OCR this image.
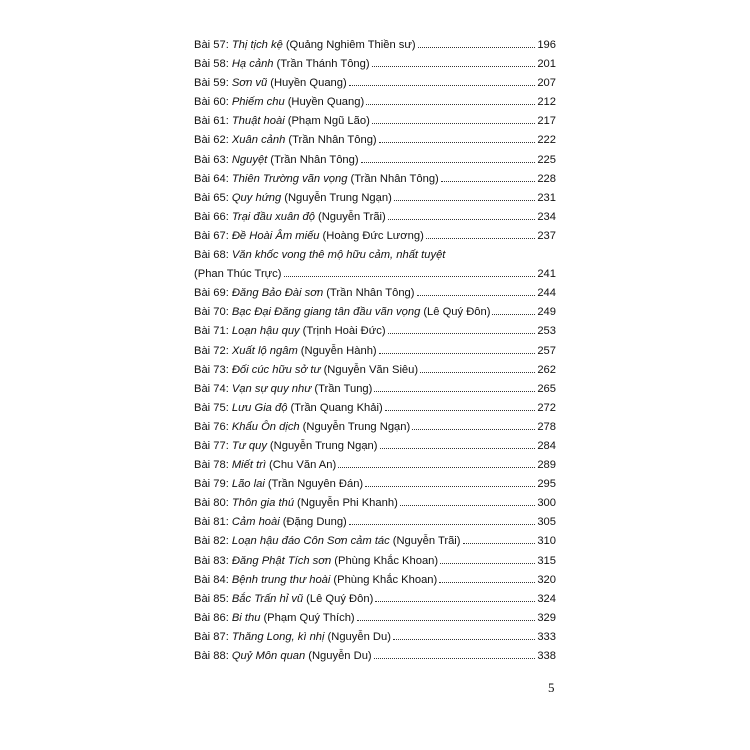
Bài 57: Thị tịch kệ (Quảng Nghiêm Thiền sư)	196
Bài 58: Hạ cảnh (Trần Thánh Tông)	201
Bài 59: Sơn vũ (Huyền Quang)	207
Bài 60: Phiếm chu (Huyền Quang)	212
Bài 61: Thuật hoài (Phạm Ngũ Lão)	217
Bài 62: Xuân cảnh (Trần Nhân Tông)	222
Bài 63: Nguyệt (Trần Nhân Tông)	225
Bài 64: Thiên Trường vãn vọng (Trần Nhân Tông)	228
Bài 65: Quy hứng (Nguyễn Trung Ngạn)	231
Bài 66: Trại đầu xuân độ (Nguyễn Trãi)	234
Bài 67: Đề Hoài Âm miếu (Hoàng Đức Lương)	237
Bài 68: Văn khốc vong thê mộ hữu cảm, nhất tuyệt
(Phan Thúc Trực)	241
Bài 69: Đăng Bảo Đài sơn (Trần Nhân Tông)	244
Bài 70: Bạc Đại Đăng giang tân đầu vãn vọng (Lê Quý Đôn)	249
Bài 71: Loạn hậu quy (Trịnh Hoài Đức)	253
Bài 72: Xuất lộ ngâm (Nguyễn Hành)	257
Bài 73: Đối cúc hữu sở tư (Nguyễn Văn Siêu)	262
Bài 74: Vạn sự quy như (Trần Tung)	265
Bài 75: Lưu Gia độ (Trần Quang Khải)	272
Bài 76: Khẩu Ôn dịch (Nguyễn Trung Ngạn)	278
Bài 77: Tư quy (Nguyễn Trung Ngạn)	284
Bài 78: Miết trì (Chu Văn An)	289
Bài 79: Lão lai (Trần Nguyên Đán)	295
Bài 80: Thôn gia thú (Nguyễn Phi Khanh)	300
Bài 81: Cảm hoài (Đặng Dung)	305
Bài 82: Loạn hậu đáo Côn Sơn cảm tác (Nguyễn Trãi)	310
Bài 83: Đăng Phật Tích sơn (Phùng Khắc Khoan)	315
Bài 84: Bệnh trung thư hoài (Phùng Khắc Khoan)	320
Bài 85: Bắc Trấn hỉ vũ (Lê Quý Đôn)	324
Bài 86: Bi thu (Phạm Quý Thích)	329
Bài 87: Thăng Long, kì nhị (Nguyễn Du)	333
Bài 88: Quỷ Môn quan (Nguyễn Du)	338
5
